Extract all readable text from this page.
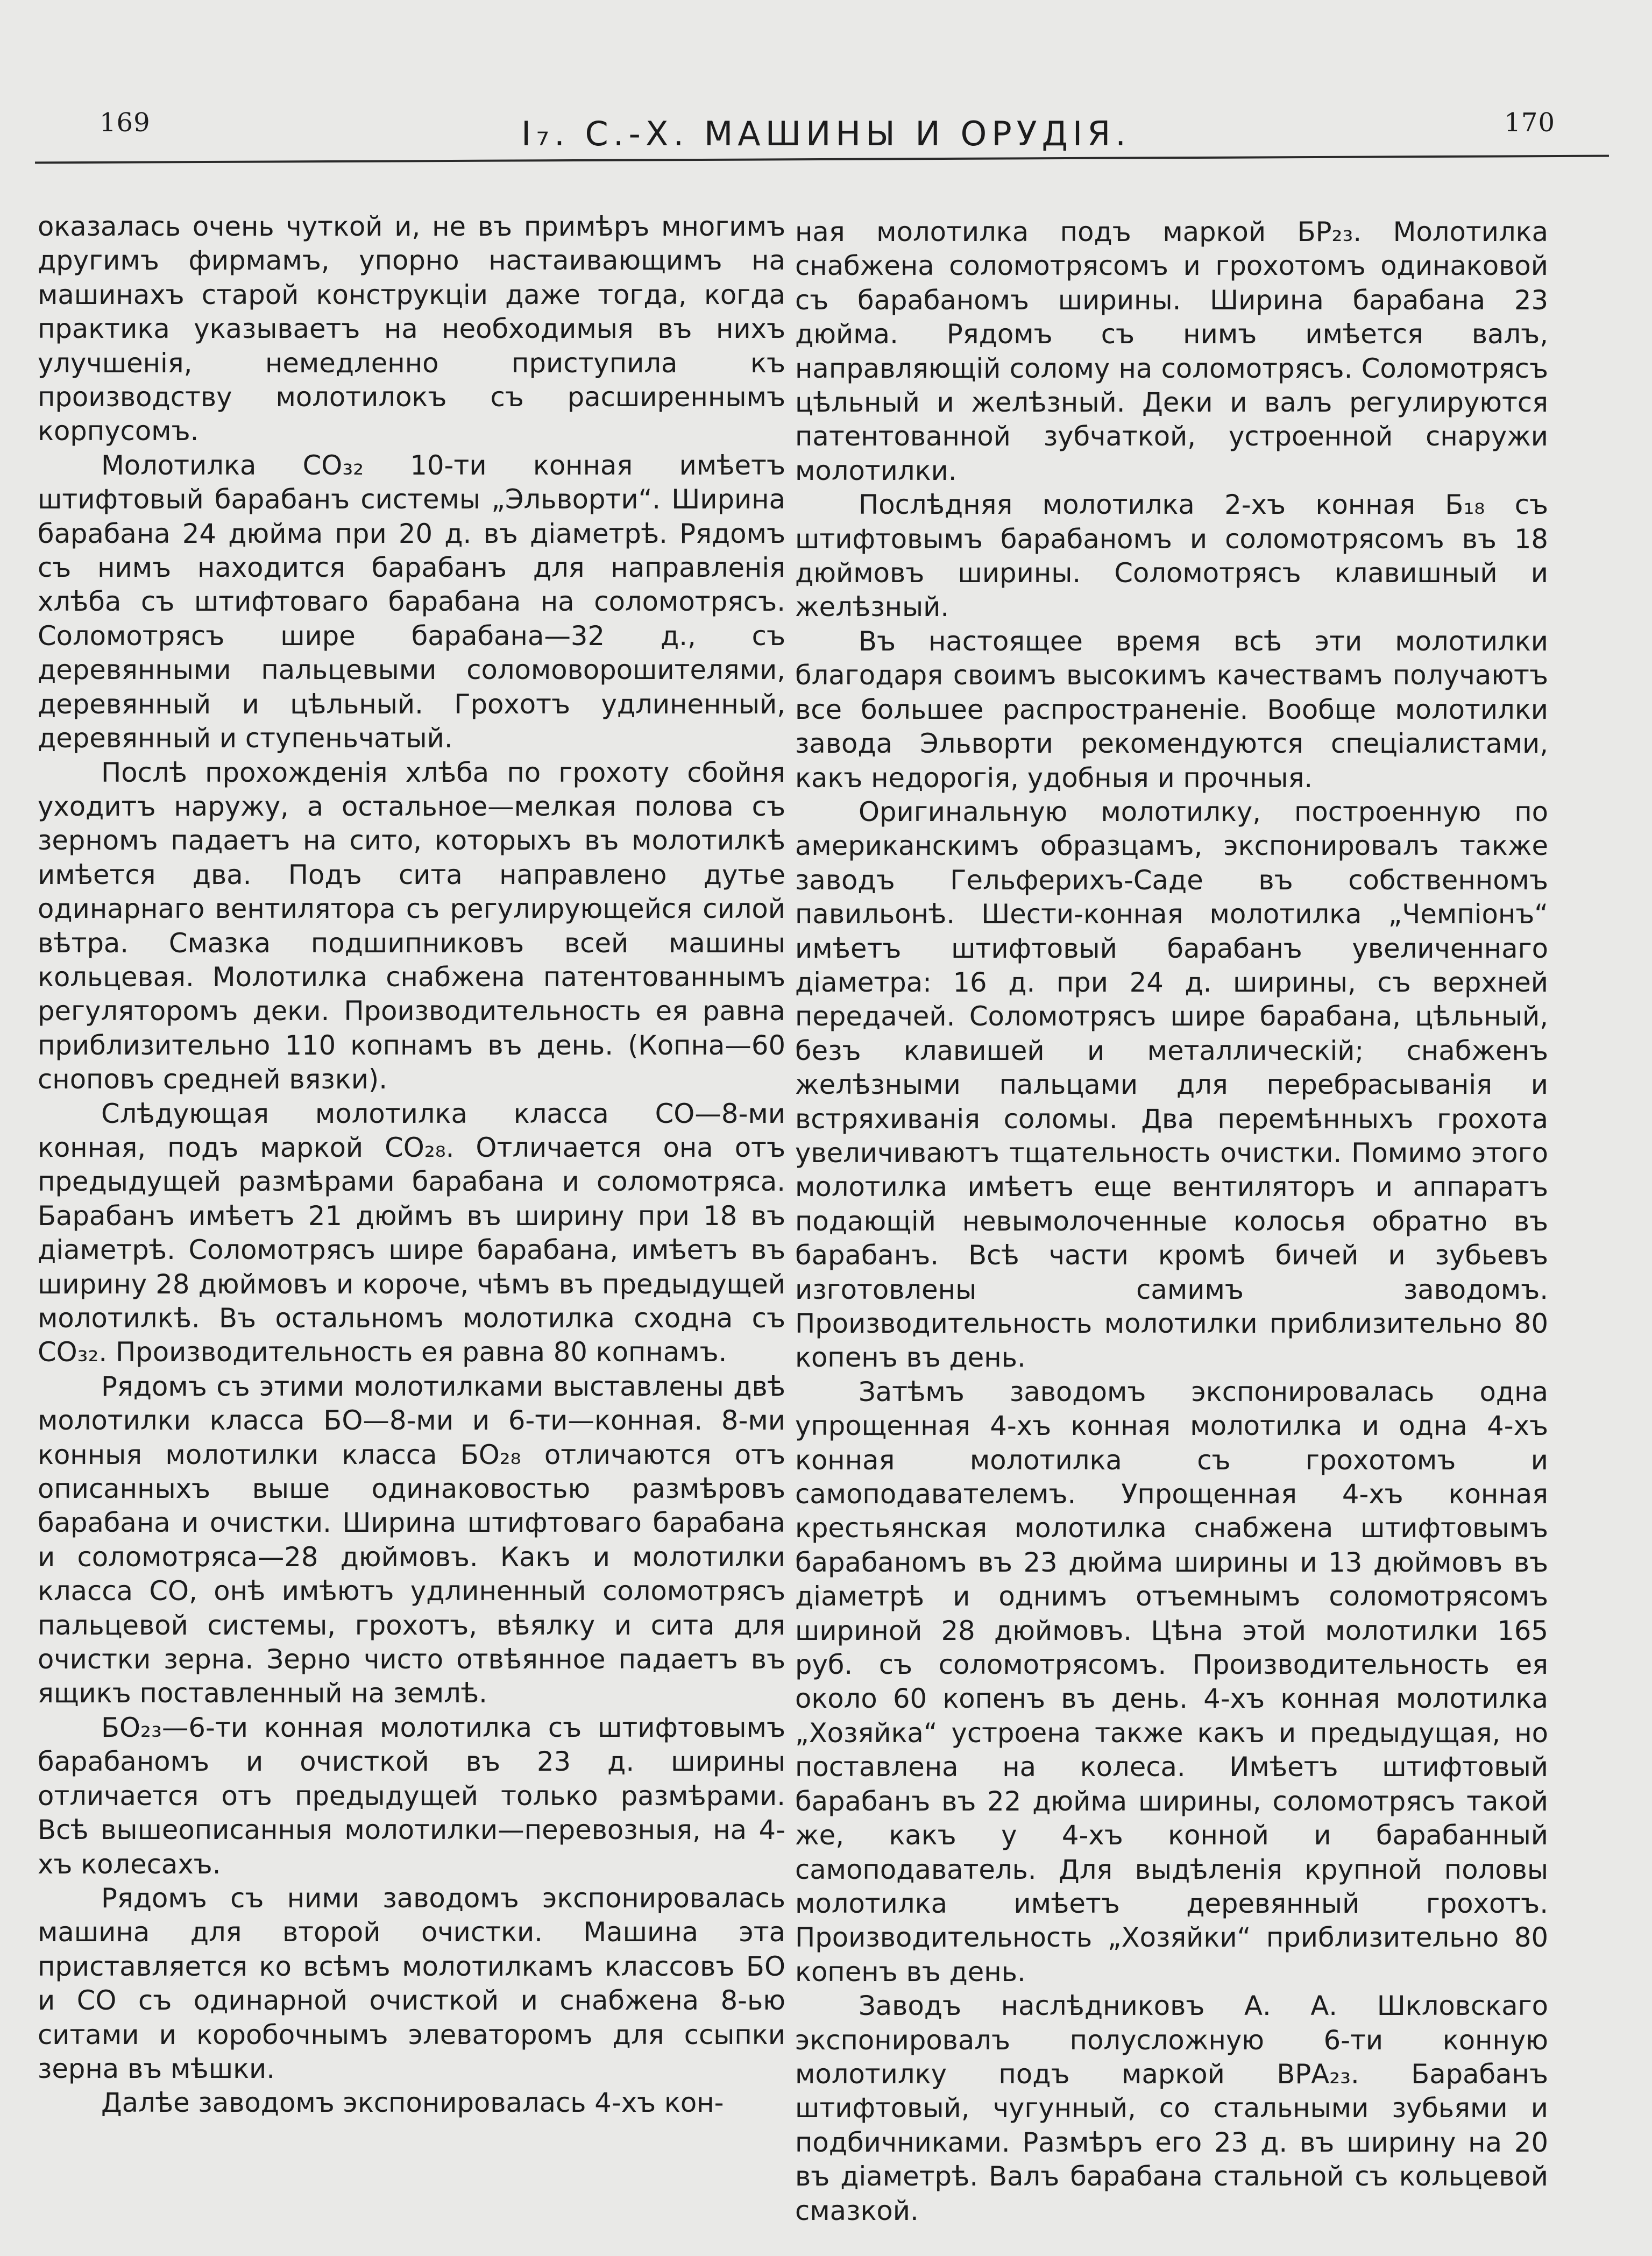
169	I₇. С.-Х. МАШИНЫ И ОРУДІЯ.	170

оказалась очень чуткой и, не въ примѣръ многимъ другимъ фирмамъ, упорно настаивающимъ на машинахъ старой конструкціи даже тогда, когда практика указываетъ на необходимыя въ нихъ улучшенія, немедленно приступила къ производству молотилокъ съ расширеннымъ корпусомъ.

Молотилка CO₃₂ 10-ти конная имѣетъ штифтовый барабанъ системы „Эльворти“. Ширина барабана 24 дюйма при 20 д. въ діаметрѣ. Рядомъ съ нимъ находится барабанъ для направленія хлѣба съ штифтоваго барабана на соломотрясъ. Соломотрясъ шире барабана—32 д., съ деревянными пальцевыми соломоворошителями, деревянный и цѣльный. Грохотъ удлиненный, деревянный и ступеньчатый.

Послѣ прохожденія хлѣба по грохоту сбойня уходитъ наружу, а остальное—мелкая полова съ зерномъ падаетъ на сито, которыхъ въ молотилкѣ имѣется два. Подъ сита направлено дутье одинарнаго вентилятора съ регулирующейся силой вѣтра. Смазка подшипниковъ всей машины кольцевая. Молотилка снабжена патентованнымъ регуляторомъ деки. Производительность ея равна приблизительно 110 копнамъ въ день. (Копна—60 сноповъ средней вязки).

Слѣдующая молотилка класса CO—8-ми конная, подъ маркой CO₂₈. Отличается она отъ предыдущей размѣрами барабана и соломотряса. Барабанъ имѣетъ 21 дюймъ въ ширину при 18 въ діаметрѣ. Соломотрясъ шире барабана, имѣетъ въ ширину 28 дюймовъ и короче, чѣмъ въ предыдущей молотилкѣ. Въ остальномъ молотилка сходна съ CO₃₂. Производительность ея равна 80 копнамъ.

Рядомъ съ этими молотилками выставлены двѣ молотилки класса БО—8-ми и 6-ти—конная. 8-ми конныя молотилки класса БО₂₈ отличаются отъ описанныхъ выше одинаковостью размѣровъ барабана и очистки. Ширина штифтоваго барабана и соломотряса—28 дюймовъ. Какъ и молотилки класса CO, онѣ имѣютъ удлиненный соломотрясъ пальцевой системы, грохотъ, вѣялку и сита для очистки зерна. Зерно чисто отвѣянное падаетъ въ ящикъ поставленный на землѣ.

БО₂₃—6-ти конная молотилка съ штифтовымъ барабаномъ и очисткой въ 23 д. ширины отличается отъ предыдущей только размѣрами. Всѣ вышеописанныя молотилки—перевозныя, на 4-хъ колесахъ.

Рядомъ съ ними заводомъ экспонировалась машина для второй очистки. Машина эта приставляется ко всѣмъ молотилкамъ классовъ БО и CO съ одинарной очисткой и снабжена 8-ью ситами и коробочнымъ элеваторомъ для ссыпки зерна въ мѣшки.

Далѣе заводомъ экспонировалась 4-хъ кон-

ная молотилка подъ маркой БР₂₃. Молотилка снабжена соломотрясомъ и грохотомъ одинаковой съ барабаномъ ширины. Ширина барабана 23 дюйма. Рядомъ съ нимъ имѣется валъ, направляющій солому на соломотрясъ. Соломотрясъ цѣльный и желѣзный. Деки и валъ регулируются патентованной зубчаткой, устроенной снаружи молотилки.

Послѣдняя молотилка 2-хъ конная Б₁₈ съ штифтовымъ барабаномъ и соломотрясомъ въ 18 дюймовъ ширины. Соломотрясъ клавишный и желѣзный.

Въ настоящее время всѣ эти молотилки благодаря своимъ высокимъ качествамъ получаютъ все большее распространеніе. Вообще молотилки завода Эльворти рекомендуются спеціалистами, какъ недорогія, удобныя и прочныя.

Оригинальную молотилку, построенную по американскимъ образцамъ, экспонировалъ также заводъ Гельферихъ-Саде въ собственномъ павильонѣ. Шести-конная молотилка „Чемпіонъ“ имѣетъ штифтовый барабанъ увеличеннаго діаметра: 16 д. при 24 д. ширины, съ верхней передачей. Соломотрясъ шире барабана, цѣльный, безъ клавишей и металлическій; снабженъ желѣзными пальцами для перебрасыванія и встряхиванія соломы. Два перемѣнныхъ грохота увеличиваютъ тщательность очистки. Помимо этого молотилка имѣетъ еще вентиляторъ и аппаратъ подающій невымолоченные колосья обратно въ барабанъ. Всѣ части кромѣ бичей и зубьевъ изготовлены самимъ заводомъ. Производительность молотилки приблизительно 80 копенъ въ день.

Затѣмъ заводомъ экспонировалась одна упрощенная 4-хъ конная молотилка и одна 4-хъ конная молотилка съ грохотомъ и самоподавателемъ. Упрощенная 4-хъ конная крестьянская молотилка снабжена штифтовымъ барабаномъ въ 23 дюйма ширины и 13 дюймовъ въ діаметрѣ и однимъ отъемнымъ соломотрясомъ шириной 28 дюймовъ. Цѣна этой молотилки 165 руб. съ соломотрясомъ. Производительность ея около 60 копенъ въ день. 4-хъ конная молотилка „Хозяйка“ устроена также какъ и предыдущая, но поставлена на колеса. Имѣетъ штифтовый барабанъ въ 22 дюйма ширины, соломотрясъ такой же, какъ у 4-хъ конной и барабанный самоподаватель. Для выдѣленія крупной половы молотилка имѣетъ деревянный грохотъ. Производительность „Хозяйки“ приблизительно 80 копенъ въ день.

Заводъ наслѣдниковъ А. А. Шкловскаго экспонировалъ полусложную 6-ти конную молотилку подъ маркой ВРА₂₃. Барабанъ штифтовый, чугунный, со стальными зубьями и подбичниками. Размѣръ его 23 д. въ ширину на 20 въ діаметрѣ. Валъ барабана стальной съ кольцевой смазкой.
